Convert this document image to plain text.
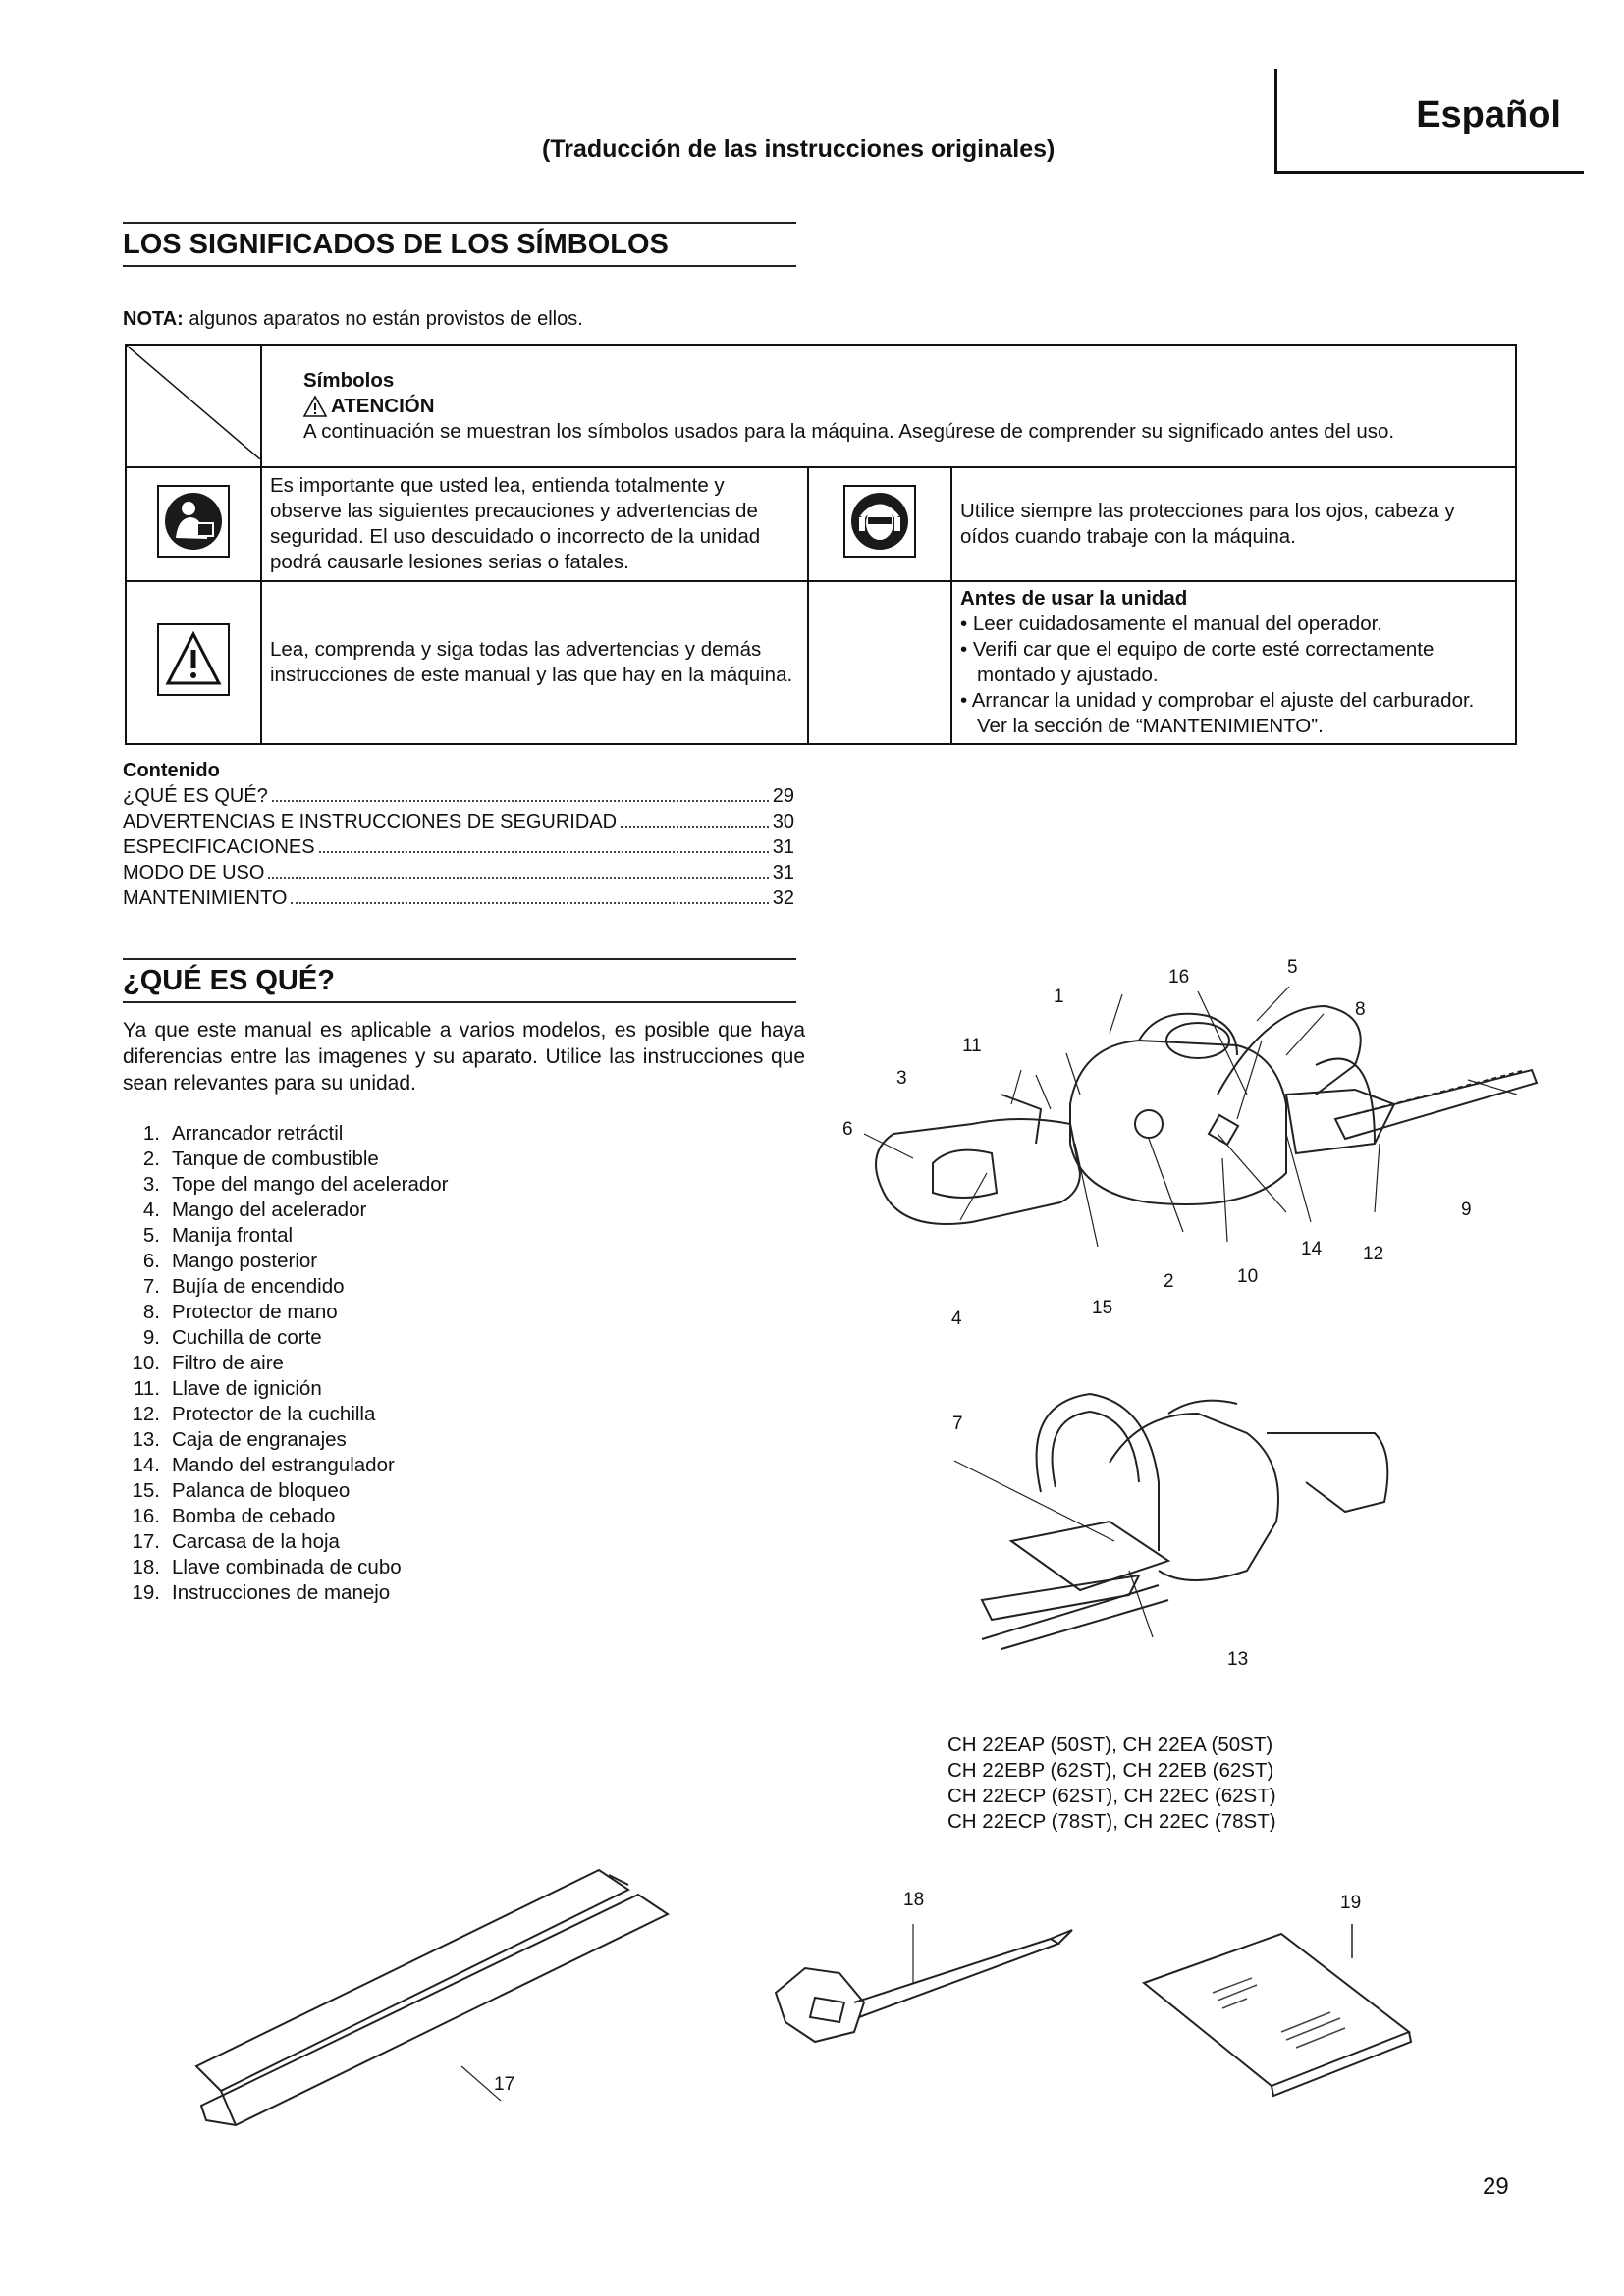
Español
(Traducción de las instrucciones originales)
LOS SIGNIFICADOS DE LOS SÍMBOLOS
NOTA: algunos aparatos no están provistos de ellos.

Símbolos
ATENCIÓN
A continuación se muestran los símbolos usados para la máquina. Asegúrese de comprender su significado antes del uso.		

Es importante que usted lea, entienda totalmente y observe las siguientes precauciones y advertencias de seguridad. El uso descuidado o incorrecto de la unidad podrá causarle lesiones serias o fatales.		Utilice siempre las protecciones para los ojos, cabeza y oídos cuando trabaje con la máquina.

Lea, comprenda y siga todas las advertencias y demás instrucciones de este manual y las que hay en la máquina.		Antes de usar la unidad
• Leer cuidadosamente el manual del operador.
• Verifi car que el equipo de corte esté correctamente montado y ajustado.
• Arrancar la unidad y comprobar el ajuste del carburador. Ver la sección de “MANTENIMIENTO”.
Contenido
¿QUÉ ES QUÉ?	29
ADVERTENCIAS E INSTRUCCIONES DE SEGURIDAD	30
ESPECIFICACIONES	31
MODO DE USO	31
MANTENIMIENTO	32
¿QUÉ ES QUÉ?
Ya que este manual es aplicable a varios modelos, es posible que haya diferencias entre las imagenes y su aparato. Utilice las instrucciones que sean relevantes para su unidad.
1. Arrancador retráctil
2. Tanque de combustible
3. Tope del mango del acelerador
4. Mango del acelerador
5. Manija frontal
6. Mango posterior
7. Bujía de encendido
8. Protector de mano
9. Cuchilla de corte
10. Filtro de aire
11. Llave de ignición
12. Protector de la cuchilla
13. Caja de engranajes
14. Mando del estrangulador
15. Palanca de bloqueo
16. Bomba de cebado
17. Carcasa de la hoja
18. Llave combinada de cubo
19. Instrucciones de manejo
1
2
3
4
5
6
7
8
9
10
11
12
13
14
15
16
17
18	19
CH 22EAP (50ST), CH 22EA (50ST)
CH 22EBP (62ST), CH 22EB (62ST)
CH 22ECP (62ST), CH 22EC (62ST)
CH 22ECP (78ST), CH 22EC (78ST)
29
